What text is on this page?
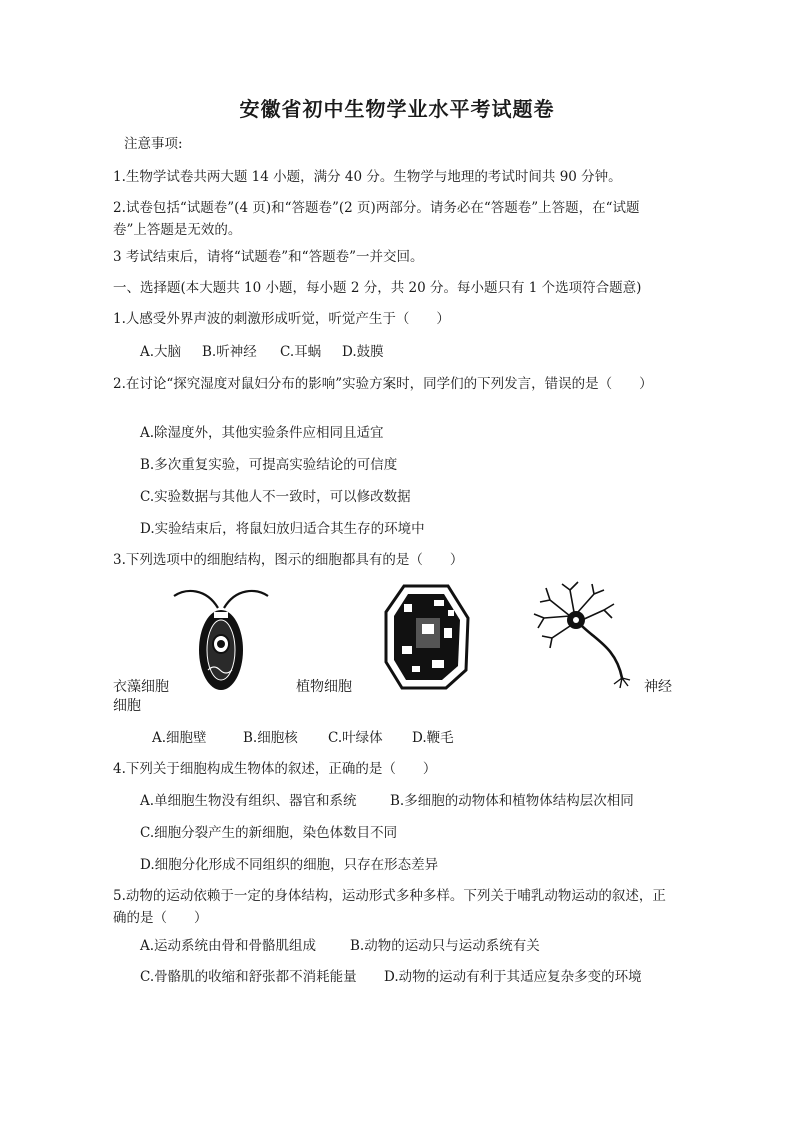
安徽省初中生物学业水平考试题卷
注意事项:
1.生物学试卷共两大题 14 小题，满分 40 分。生物学与地理的考试时间共 90 分钟。
2.试卷包括“试题卷”(4 页)和“答题卷”(2 页)两部分。请务必在“答题卷”上答题，在“试题卷”上答题是无效的。
3 考试结束后，请将“试题卷”和“答题卷”一并交回。
一、选择题(本大题共 10 小题，每小题 2 分，共 20 分。每小题只有 1 个选项符合题意)
1.人感受外界声波的刺激形成听觉，听觉产生于（　　）
A.大脑 B.听神经 C.耳蜗 D.鼓膜
2.在讨论“探究湿度对鼠妇分布的影响”实验方案时，同学们的下列发言，错误的是（　　）
A.除湿度外，其他实验条件应相同且适宜
B.多次重复实验，可提高实验结论的可信度
C.实验数据与其他人不一致时，可以修改数据
D.实验结束后，将鼠妇放归适合其生存的环境中
3.下列选项中的细胞结构，图示的细胞都具有的是（　　）
衣藻细胞	植物细胞	神经
细胞
A.细胞壁	B.细胞核 C.叶绿体 D.鞭毛
4.下列关于细胞构成生物体的叙述，正确的是（　　）
A.单细胞生物没有组织、器官和系统 B.多细胞的动物体和植物体结构层次相同
C.细胞分裂产生的新细胞，染色体数目不同
D.细胞分化形成不同组织的细胞，只存在形态差异
5.动物的运动依赖于一定的身体结构，运动形式多种多样。下列关于哺乳动物运动的叙述，正确的是（　　）
A.运动系统由骨和骨骼肌组成	B.动物的运动只与运动系统有关
C.骨骼肌的收缩和舒张都不消耗能量 D.动物的运动有利于其适应复杂多变的环境
